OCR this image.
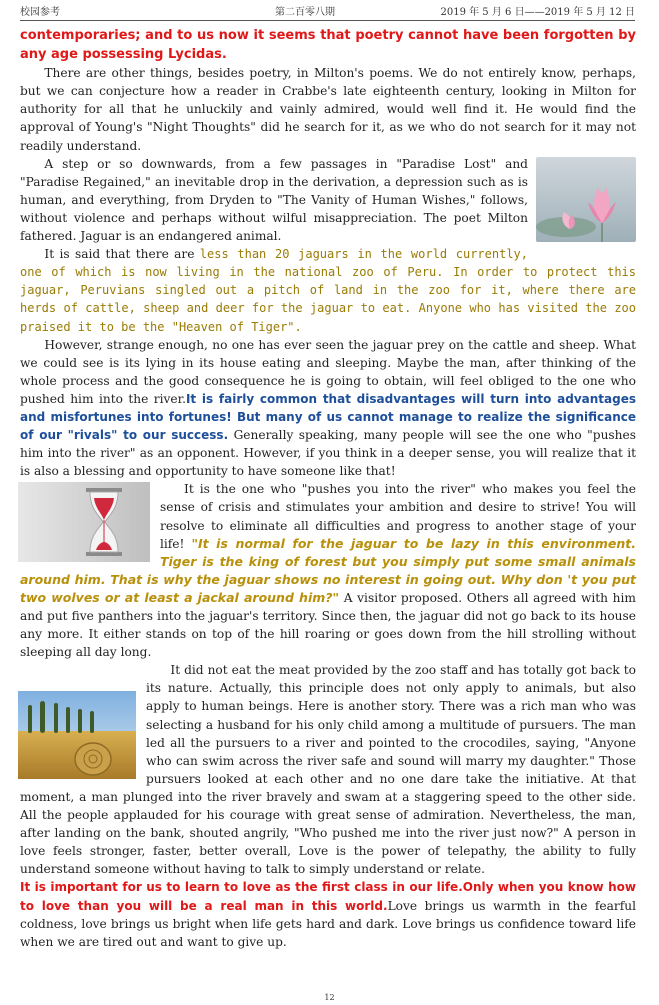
校园参考	第二百零八期	2019 年 5 月 6 日——2019 年 5 月 12 日

contemporaries; and to us now it seems that poetry cannot have been forgotten by any age possessing Lycidas.

There are other things, besides poetry, in Milton's poems. We do not entirely know, perhaps, but we can conjecture how a reader in Crabbe's late eighteenth century, looking in Milton for authority for all that he unluckily and vainly admired, would well find it. He would find the approval of Young's "Night Thoughts" did he search for it, as we who do not search for it may not readily understand.

A step or so downwards, from a few passages in "Paradise Lost" and "Paradise Regained," an inevitable drop in the derivation, a depression such as is human, and everything, from Dryden to "The Vanity of Human Wishes," follows, without violence and perhaps without wilful misappreciation. The poet Milton fathered. Jaguar is an endangered animal.

It is said that there are less than 20 jaguars in the world currently, one of which is now living in the national zoo of Peru. In order to protect this jaguar, Peruvians singled out a pitch of land in the zoo for it, where there are herds of cattle, sheep and deer for the jaguar to eat. Anyone who has visited the zoo praised it to be the "Heaven of Tiger".

However, strange enough, no one has ever seen the jaguar prey on the cattle and sheep. What we could see is its lying in its house eating and sleeping. Maybe the man, after thinking of the whole process and the good consequence he is going to obtain, will feel obliged to the one who pushed him into the river.It is fairly common that disadvantages will turn into advantages and misfortunes into fortunes! But many of us cannot manage to realize the significance of our "rivals" to our success. Generally speaking, many people will see the one who "pushes him into the river" as an opponent. However, if you think in a deeper sense, you will realize that it is also a blessing and opportunity to have someone like that!

It is the one who "pushes you into the river" who makes you feel the sense of crisis and stimulates your ambition and desire to strive! You will resolve to eliminate all difficulties and progress to another stage of your life! "It is normal for the jaguar to be lazy in this environment. Tiger is the king of forest but you simply put some small animals around him. That is why the jaguar shows no interest in going out. Why don 't you put two wolves or at least a jackal around him?" A visitor proposed. Others all agreed with him and put five panthers into the jaguar's territory. Since then, the jaguar did not go back to its house any more. It either stands on top of the hill roaring or goes down from the hill strolling without sleeping all day long.

It did not eat the meat provided by the zoo staff and has totally got back to its nature. Actually, this principle does not only apply to animals, but also apply to human beings. Here is another story. There was a rich man who was selecting a husband for his only child among a multitude of pursuers. The man led all the pursuers to a river and pointed to the crocodiles, saying, "Anyone who can swim across the river safe and sound will marry my daughter." Those pursuers looked at each other and no one dare take the initiative. At that moment, a man plunged into the river bravely and swam at a staggering speed to the other side. All the people applauded for his courage with great sense of admiration. Nevertheless, the man, after landing on the bank, shouted angrily, "Who pushed me into the river just now?" A person in love feels stronger, faster, better overall, Love is the power of telepathy, the ability to fully understand someone without having to talk to simply understand or relate.

It is important for us to learn to love as the first class in our life.Only when you know how to love than you will be a real man in this world.Love brings us warmth in the fearful coldness, love brings us bright when life gets hard and dark. Love brings us confidence toward life when we are tired out and want to give up.

12
